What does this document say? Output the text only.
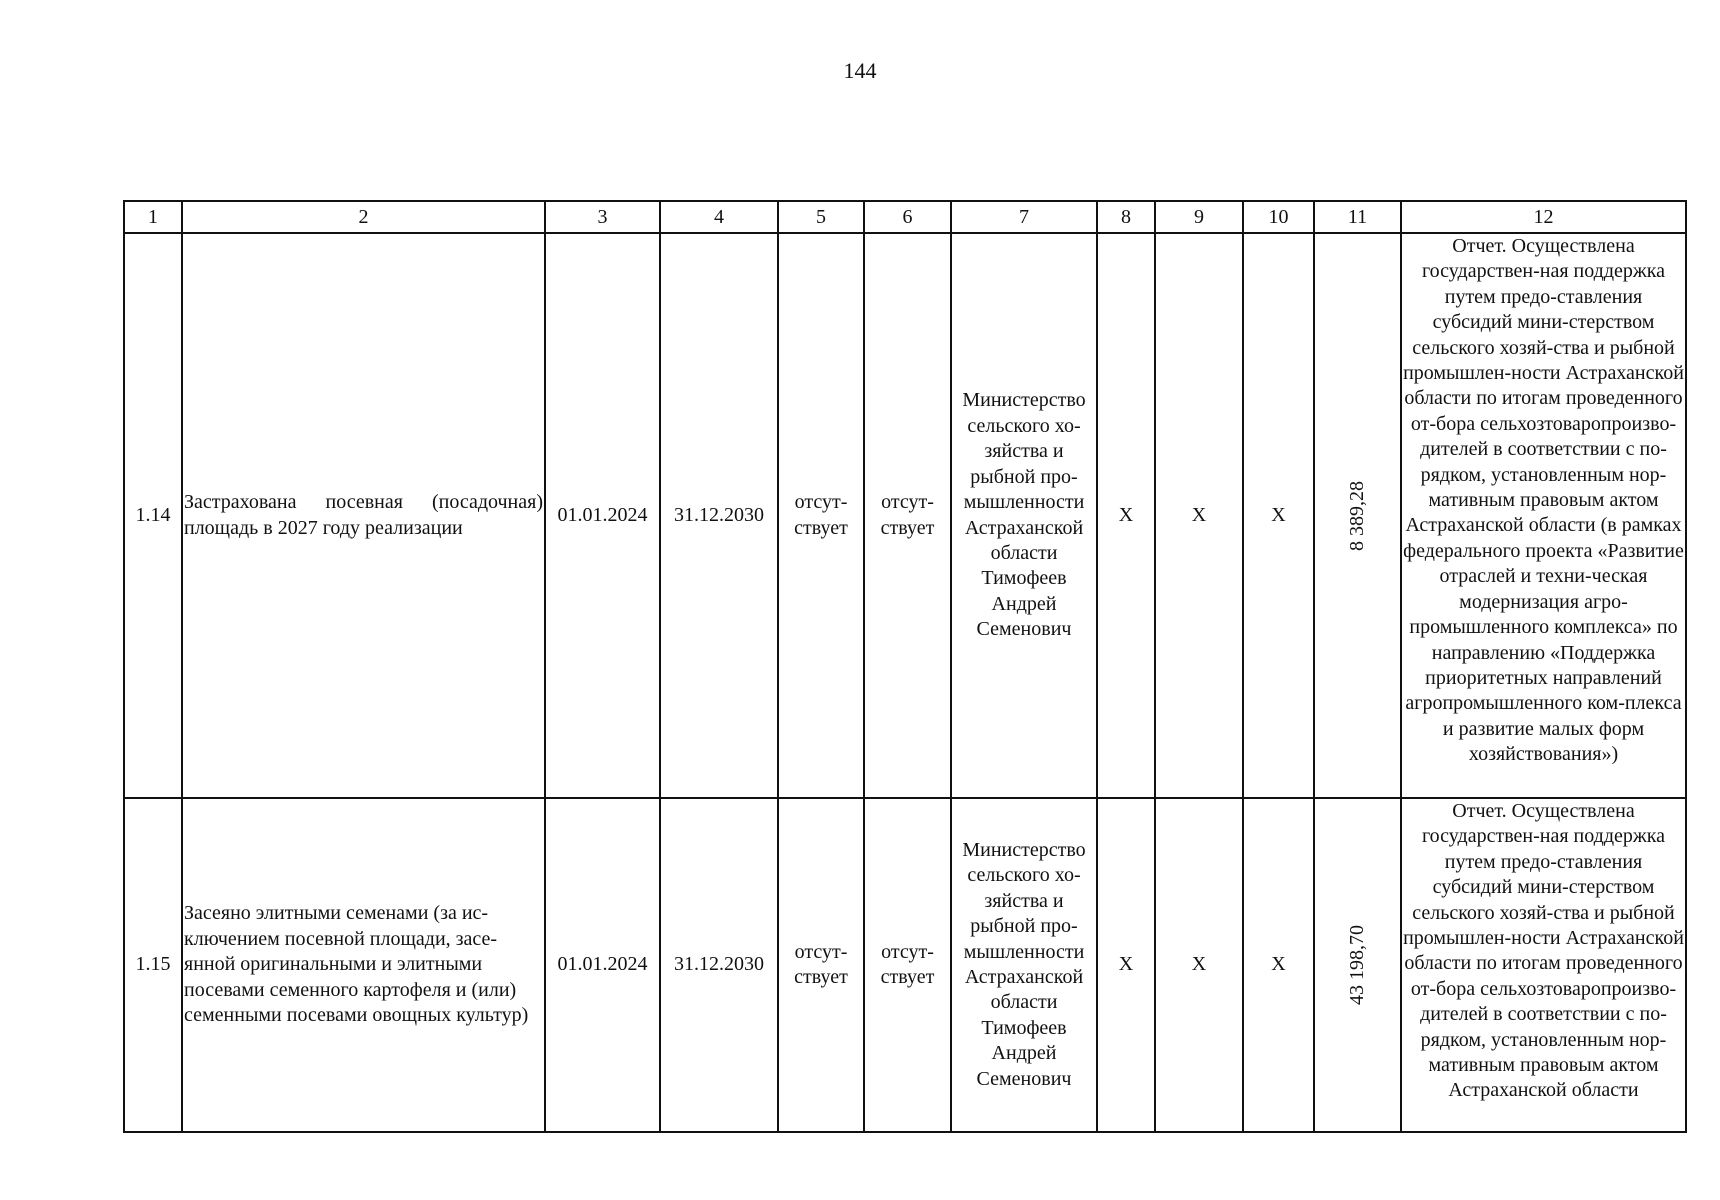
144
1	2	3	4	5	6	7	8	9	10	11	12
1.14	Застрахована посевная (посадочная) площадь в 2027 году реализации	01.01.2024	31.12.2030	отсут-ствует	отсут-ствует	Министерство сельского хо-зяйства и рыбной про-мышленности Астраханской области Тимофеев Андрей Семенович	X	X	X	8 389,28	Отчет. Осуществлена государствен-ная поддержка путем предо-ставления субсидий мини-стерством сельского хозяй-ства и рыбной промышлен-ности Астраханской области по итогам проведенного от-бора сельхозтоваропроизво-дителей в соответствии с по-рядком, установленным нор-мативным правовым актом Астраханской области (в рамках федерального проекта «Развитие отраслей и техни-ческая модернизация агро-промышленного комплекса» по направлению «Поддержка приоритетных направлений агропромышленного ком-плекса и развитие малых форм хозяйствования»)
1.15	Засеяно элитными семенами (за ис-ключением посевной площади, засе-янной оригинальными и элитными посевами семенного картофеля и (или) семенными посевами овощных культур)	01.01.2024	31.12.2030	отсут-ствует	отсут-ствует	Министерство сельского хо-зяйства и рыбной про-мышленности Астраханской области Тимофеев Андрей Семенович	X	X	X	43 198,70	Отчет. Осуществлена государствен-ная поддержка путем предо-ставления субсидий мини-стерством сельского хозяй-ства и рыбной промышлен-ности Астраханской области по итогам проведенного от-бора сельхозтоваропроизво-дителей в соответствии с по-рядком, установленным нор-мативным правовым актом Астраханской области
